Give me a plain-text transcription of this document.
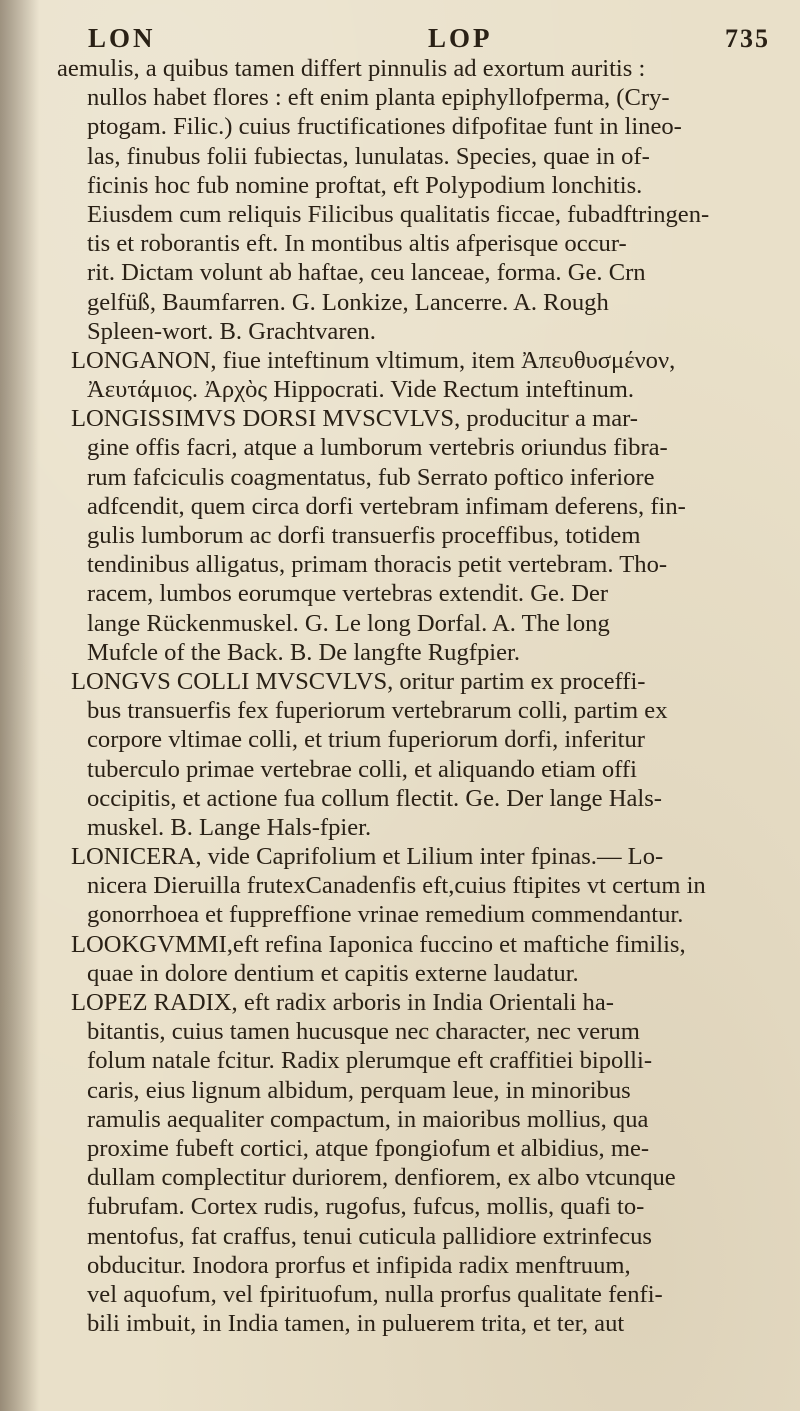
LON	LOP	735
aemulis, a quibus tamen differt pinnulis ad exortum auritis :
nullos habet flores : eft enim planta epiphyllofperma, (Cry-
ptogam. Filic.) cuius fructificationes difpofitae funt in lineo-
las, finubus folii fubiectas, lunulatas. Species, quae in of-
ficinis hoc fub nomine proftat, eft Polypodium lonchitis.
Eiusdem cum reliquis Filicibus qualitatis ficcae, fubadftringen-
tis et roborantis eft. In montibus altis afperisque occur-
rit. Dictam volunt ab haftae, ceu lanceae, forma. Ge. Crn
gelfüß, Baumfarren. G. Lonkize, Lancerre. A. Rough
Spleen-wort. B. Grachtvaren.
LONGANON, fiue inteftinum vltimum, item Ἀπευθυσμένον,
Ἀευτάμιος. Ἀρχὸς Hippocrati. Vide Rectum inteftinum.
LONGISSIMVS DORSI MVSCVLVS, producitur a mar-
gine offis facri, atque a lumborum vertebris oriundus fibra-
rum fafciculis coagmentatus, fub Serrato poftico inferiore
adfcendit, quem circa dorfi vertebram infimam deferens, fin-
gulis lumborum ac dorfi transuerfis proceffibus, totidem
tendinibus alligatus, primam thoracis petit vertebram. Tho-
racem, lumbos eorumque vertebras extendit. Ge. Der
lange Rückenmuskel. G. Le long Dorfal. A. The long
Mufcle of the Back. B. De langfte Rugfpier.
LONGVS COLLI MVSCVLVS, oritur partim ex proceffi-
bus transuerfis fex fuperiorum vertebrarum colli, partim ex
corpore vltimae colli, et trium fuperiorum dorfi, inferitur
tuberculo primae vertebrae colli, et aliquando etiam offi
occipitis, et actione fua collum flectit. Ge. Der lange Hals-
muskel. B. Lange Hals-fpier.
LONICERA, vide Caprifolium et Lilium inter fpinas.— Lo-
nicera Dieruilla frutexCanadenfis eft,cuius ftipites vt certum in
gonorrhoea et fuppreffione vrinae remedium commendantur.
LOOKGVMMI,eft refina Iaponica fuccino et maftiche fimilis,
quae in dolore dentium et capitis externe laudatur.
LOPEZ RADIX, eft radix arboris in India Orientali ha-
bitantis, cuius tamen hucusque nec character, nec verum
folum natale fcitur. Radix plerumque eft craffitiei bipolli-
caris, eius lignum albidum, perquam leue, in minoribus
ramulis aequaliter compactum, in maioribus mollius, qua
proxime fubeft cortici, atque fpongiofum et albidius, me-
dullam complectitur duriorem, denfiorem, ex albo vtcunque
fubrufam. Cortex rudis, rugofus, fufcus, mollis, quafi to-
mentofus, fat craffus, tenui cuticula pallidiore extrinfecus
obducitur. Inodora prorfus et infipida radix menftruum,
vel aquofum, vel fpirituofum, nulla prorfus qualitate fenfi-
bili imbuit, in India tamen, in puluerem trita, et ter, aut
